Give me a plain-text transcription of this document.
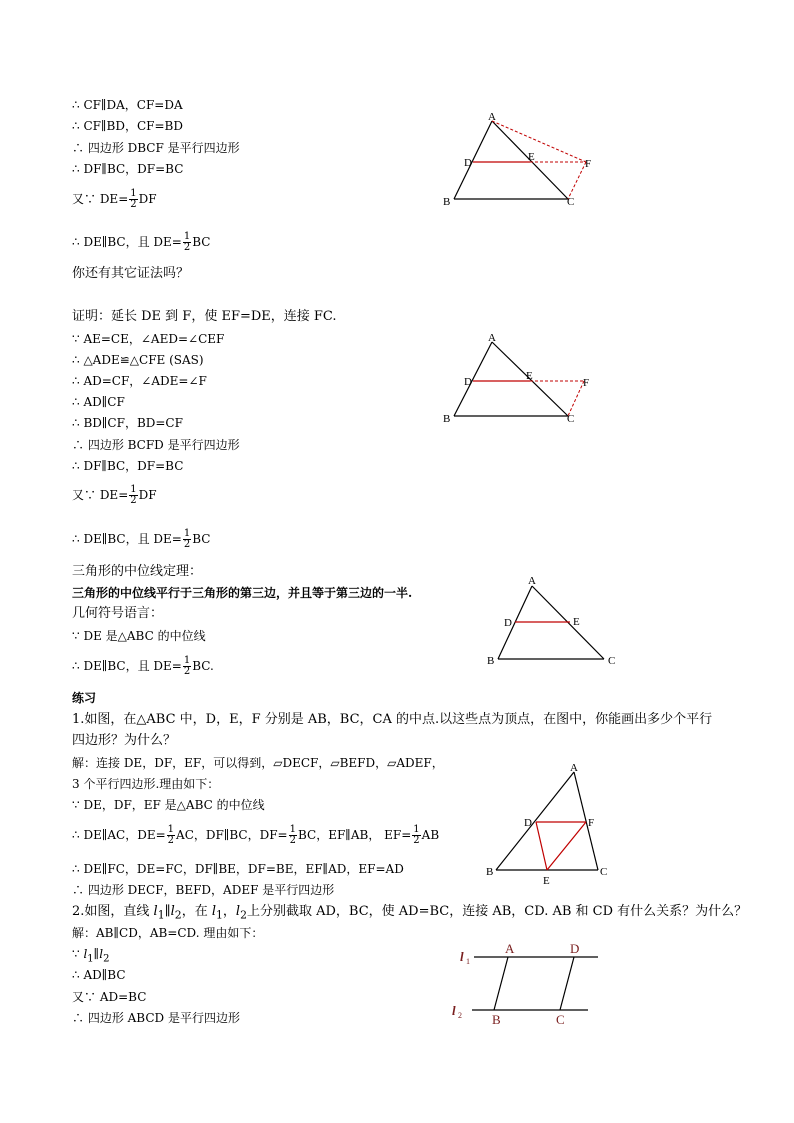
∴ CF∥DA，CF=DA
∴ CF∥BD，CF=BD
∴ 四边形 DBCF 是平行四边形
∴ DF∥BC，DF=BC
又∵ $DE= \frac{1}{2}$ DF
∴ DE∥BC，且 $DE= \frac{1}{2}$ BC
你还有其它证法吗？
A
B	C
D	E
F
证明：延长 DE 到 F，使 EF=DE，连接 FC.
∵ AE=CE，∠AED=∠CEF
∴ △ADE≌△CFE (SAS)
∴ AD=CF，∠ADE=∠F
∴ AD∥CF
∴ BD∥CF，BD=CF
∴ 四边形 BCFD 是平行四边形
∴ DF∥BC，DF=BC
又∵ $DE= \frac{1}{2}$ DF
∴ DE∥BC，且 $DE= \frac{1}{2}$ BC
A
B	C
D	E
F
三角形的中位线定理：
三角形的中位线平行于三角形的第三边，并且等于第三边的一半.
几何符号语言：
∵ DE 是△ABC 的中位线
∴ DE∥BC，且 $DE= \frac{1}{2}$ BC.
A
B	C
D	E
练习
1.如图，在△ABC 中，D，E，F 分别是 AB，BC，CA 的中点.以这些点为顶点，在图中，你能画出多少个平行
四边形？为什么？
解：连接 DE，DF，EF，可以得到，▱DECF，▱BEFD，▱ADEF，
3 个平行四边形.理由如下：
∵ DE，DF，EF 是△ABC 的中位线
∴ DE∥AC，$DE= \frac{1}{2}$ AC，DF∥BC，$DF= \frac{1}{2}$ BC，EF∥AB， $EF= \frac{1}{2}$ AB
∴ DE∥FC，DE=FC，DF∥BE，DF=BE，EF∥AD，EF=AD
∴ 四边形 DECF，BEFD，ADEF 是平行四边形
A
B	C
D
E
F
2.如图，直线 $l_1\parallel l_2$，在 $l_1$，$l_2$上分别截取 AD，BC，使 AD=BC，连接 AB，CD. AB 和 CD 有什么关系？为什么？
解：AB∥CD，AB=CD. 理由如下：
∵ $l_1\parallel l_2$
∴ AD∥BC
又∵ AD=BC
∴ 四边形 ABCD 是平行四边形
l 1
l 2
A	D
B	C
